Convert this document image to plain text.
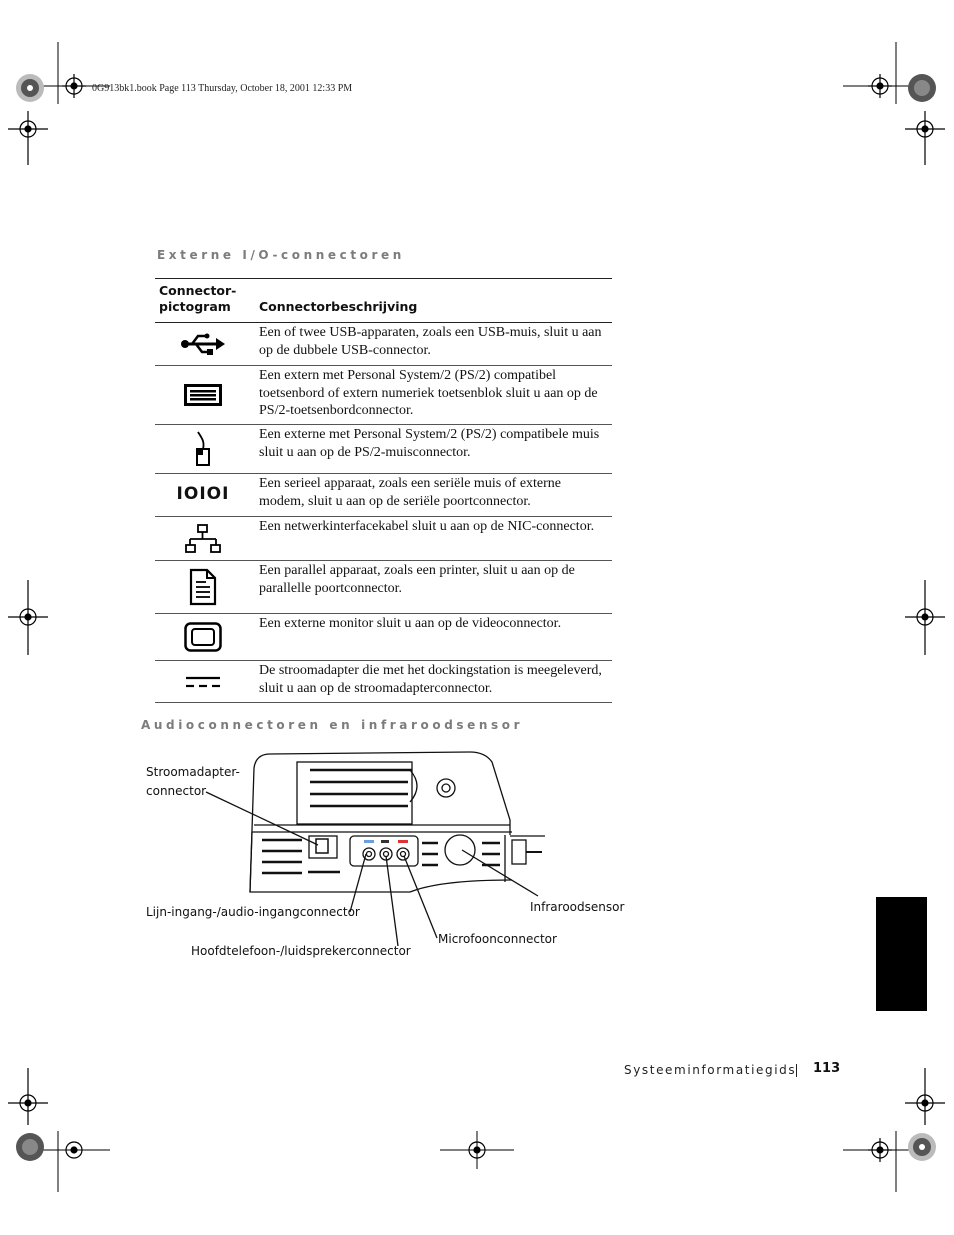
0G913bk1.book Page 113 Thursday, October 18, 2001 12:33 PM
Externe I/O-connectoren
Connector-
pictogram	Connectorbeschrijving

	Een of twee USB-apparaten, zoals een USB-muis, sluit u aan op de dubbele USB-connector.

	Een extern met Personal System/2 (PS/2) compatibel toetsenbord of extern numeriek toetsenblok sluit u aan op de PS/2-toetsenbordconnector.

	Een externe met Personal System/2 (PS/2) compatibele muis sluit u aan op de PS/2-muisconnector.
IOIOI	Een serieel apparaat, zoals een seriële muis of externe modem, sluit u aan op de seriële poortconnector.

	Een netwerkinterfacekabel sluit u aan op de NIC-connector.

	Een parallel apparaat, zoals een printer, sluit u aan op de parallelle poortconnector.

	Een externe monitor sluit u aan op de videoconnector.

	De stroomadapter die met het dockingstation is meegeleverd, sluit u aan op de stroomadapterconnector.
Audioconnectoren en infraroodsensor
Stroomadapter-
connector
Lijn-ingang-/audio-ingangconnector
Hoofdtelefoon-/luidsprekerconnector
Microfoonconnector
Infraroodsensor
Systeeminformatiegids 113
